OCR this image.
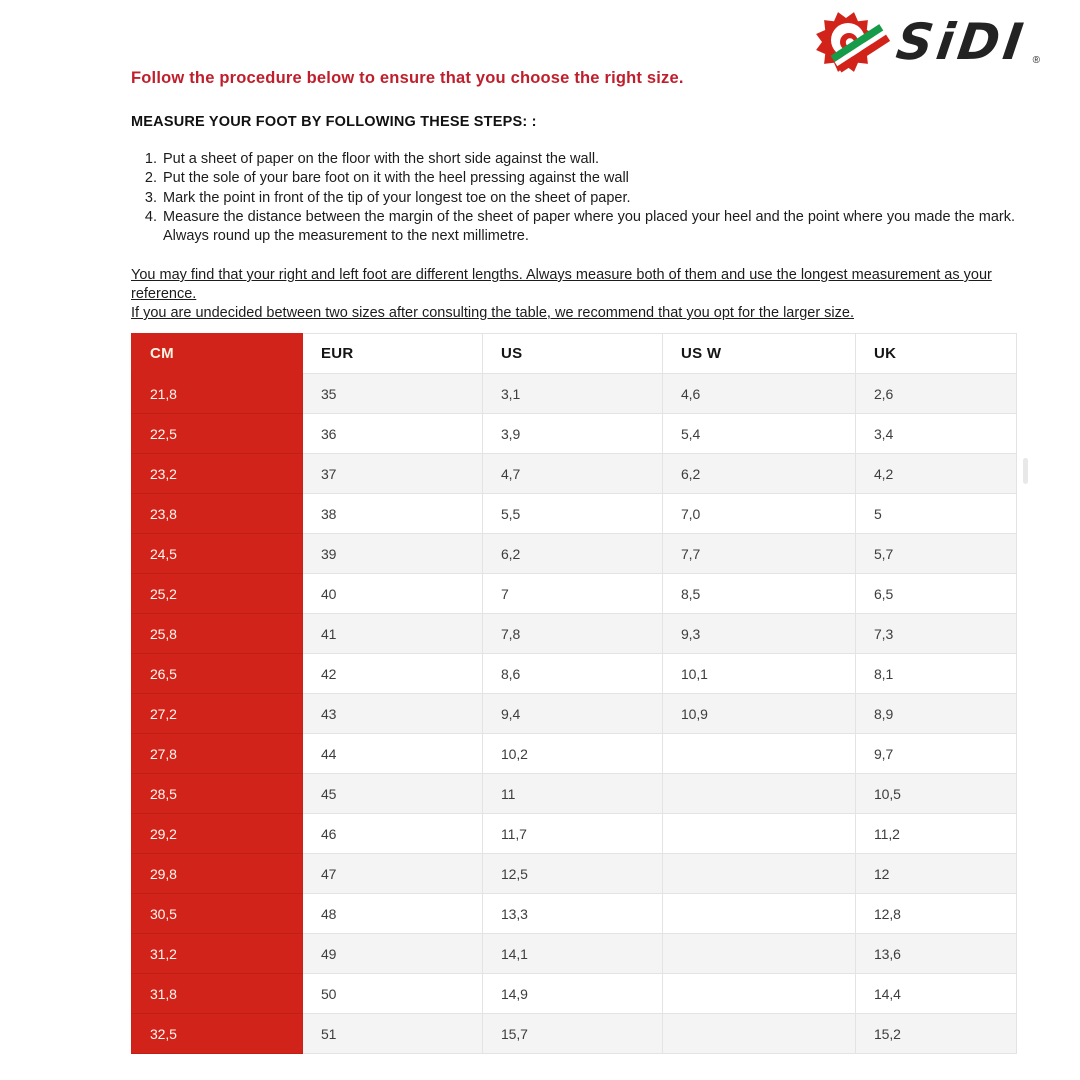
SiDI ®
Follow the procedure below to ensure that you choose the right size.
MEASURE YOUR FOOT BY FOLLOWING THESE STEPS: :
1. Put a sheet of paper on the floor with the short side against the wall.
2. Put the sole of your bare foot on it with the heel pressing against the wall
3. Mark the point in front of the tip of your longest toe on the sheet of paper.
4. Measure the distance between the margin of the sheet of paper where you placed your heel and the point where you made the mark. Always round up the measurement to the next millimetre.

You may find that your right and left foot are different lengths. Always measure both of them and use the longest measurement as your reference.

If you are undecided between two sizes after consulting the table, we recommend that you opt for the larger size.

CM	EUR	US	US W	UK
21,8	35	3,1	4,6	2,6
22,5	36	3,9	5,4	3,4
23,2	37	4,7	6,2	4,2
23,8	38	5,5	7,0	5
24,5	39	6,2	7,7	5,7
25,2	40	7	8,5	6,5
25,8	41	7,8	9,3	7,3
26,5	42	8,6	10,1	8,1
27,2	43	9,4	10,9	8,9
27,8	44	10,2		9,7
28,5	45	11		10,5
29,2	46	11,7		11,2
29,8	47	12,5		12
30,5	48	13,3		12,8
31,2	49	14,1		13,6
31,8	50	14,9		14,4
32,5	51	15,7		15,2
